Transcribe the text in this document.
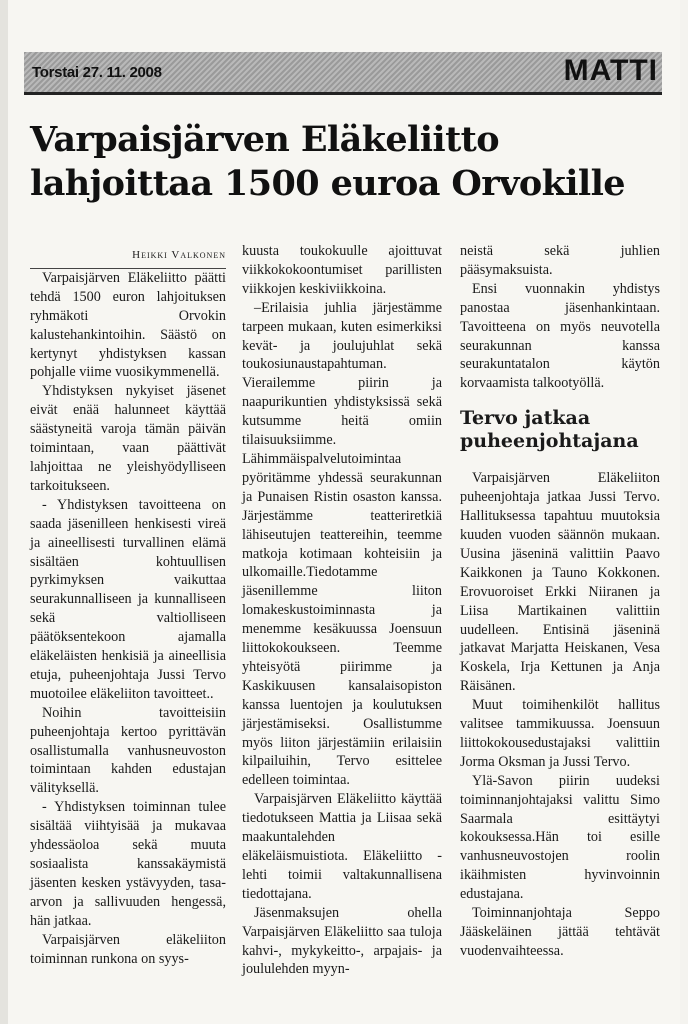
Torstai 27. 11. 2008	MATTI
Varpaisjärven Eläkeliitto lahjoittaa 1500 euroa Orvokille

Heikki Valkonen

Varpaisjärven Eläkeliitto päätti tehdä 1500 euron lahjoituksen ryhmäkoti Orvokin kalustehankintoihin. Säästö on kertynyt yhdistyksen kassan pohjalle viime vuosikymmenellä.

Yhdistyksen nykyiset jäsenet eivät enää halunneet käyttää säästyneitä varoja tämän päivän toimintaan, vaan päättivät lahjoittaa ne yleishyödylliseen tarkoitukseen.

- Yhdistyksen tavoitteena on saada jäsenilleen henkisesti vireä ja aineellisesti turvallinen elämä sisältäen kohtuullisen pyrkimyksen vaikuttaa seurakunnalliseen ja kunnalliseen sekä valtiolliseen päätöksentekoon ajamalla eläkeläisten henkisiä ja aineellisia etuja, puheenjohtaja Jussi Tervo muotoilee eläkeliiton tavoitteet..

Noihin tavoitteisiin puheenjohtaja kertoo pyrittävän osallistumalla vanhusneuvoston toimintaan kahden edustajan välityksellä.

- Yhdistyksen toiminnan tulee sisältää viihtyisää ja mukavaa yhdessäoloa sekä muuta sosiaalista kanssakäymistä jäsenten kesken ystävyyden, tasa-arvon ja sallivuuden hengessä, hän jatkaa.

Varpaisjärven eläkeliiton toiminnan runkona on syys-

kuusta toukokuulle ajoittuvat viikkokokoontumiset parillisten viikkojen keskiviikkoina.

–Erilaisia juhlia järjestämme tarpeen mukaan, kuten esimerkiksi kevät- ja joulujuhlat sekä toukosiunaustapahtuman. Vierailemme piirin ja naapurikuntien yhdistyksissä sekä kutsumme heitä omiin tilaisuuksiimme. Lähimmäispalvelutoimintaa pyöritämme yhdessä seurakunnan ja Punaisen Ristin osaston kanssa. Järjestämme teatteriretkiä lähiseutujen teattereihin, teemme matkoja kotimaan kohteisiin ja ulkomaille.Tiedotamme jäsenillemme liiton lomakeskustoiminnasta ja menemme kesäkuussa Joensuun liittokokoukseen. Teemme yhteisyötä piirimme ja Kaskikuusen kansalaisopiston kanssa luentojen ja koulutuksen järjestämiseksi. Osallistumme myös liiton järjestämiin erilaisiin kilpailuihin, Tervo esittelee edelleen toimintaa.

Varpaisjärven Eläkeliitto käyttää tiedotukseen Mattia ja Liisaa sekä maakuntalehden eläkeläismuistiota. Eläkeliitto -lehti toimii valtakunnallisena tiedottajana.

Jäsenmaksujen ohella Varpaisjärven Eläkeliitto saa tuloja kahvi-, mykykeitto-, arpajais- ja joululehden myyn-

neistä sekä juhlien pääsymaksuista.

Ensi vuonnakin yhdistys panostaa jäsenhankintaan. Tavoitteena on myös neuvotella seurakunnan kanssa seurakuntatalon käytön korvaamista talkootyöllä.

Tervo jatkaa puheenjohtajana

Varpaisjärven Eläkeliiton puheenjohtaja jatkaa Jussi Tervo. Hallituksessa tapahtuu muutoksia kuuden vuoden säännön mukaan. Uusina jäseninä valittiin Paavo Kaikkonen ja Tauno Kokkonen. Erovuoroiset Erkki Niiranen ja Liisa Martikainen valittiin uudelleen. Entisinä jäseninä jatkavat Marjatta Heiskanen, Vesa Koskela, Irja Kettunen ja Anja Räisänen.

Muut toimihenkilöt hallitus valitsee tammikuussa. Joensuun liittokokousedustajaksi valittiin Jorma Oksman ja Jussi Tervo.

Ylä-Savon piirin uudeksi toiminnanjohtajaksi valittu Simo Saarmala esittäytyi kokouksessa.Hän toi esille vanhusneuvostojen roolin ikäihmisten hyvinvoinnin edustajana.

Toiminnanjohtaja Seppo Jääskeläinen jättää tehtävät vuodenvaihteessa.
